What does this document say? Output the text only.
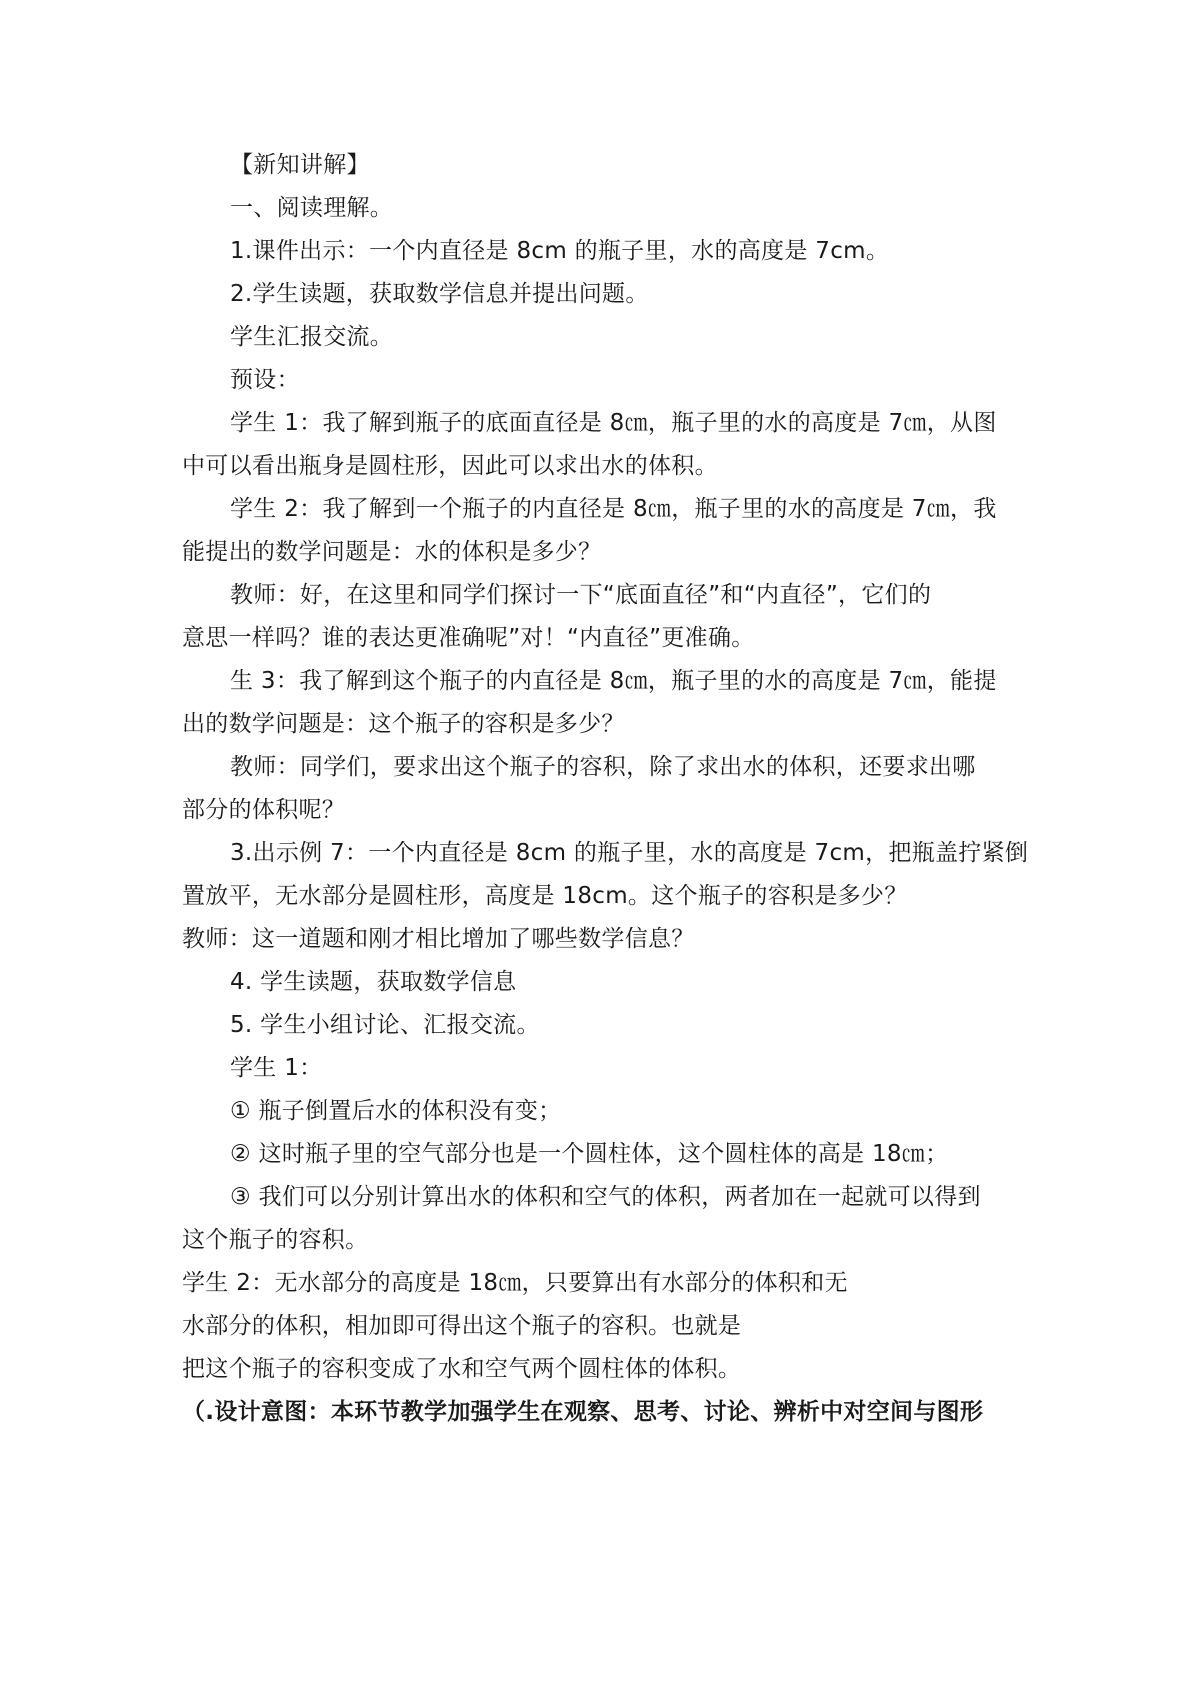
【新知讲解】
一、阅读理解。
1.课件出示：一个内直径是 8cm 的瓶子里，水的高度是 7cm。
2.学生读题，获取数学信息并提出问题。
学生汇报交流。
预设：
学生 1：我了解到瓶子的底面直径是 8㎝，瓶子里的水的高度是 7㎝，从图
中可以看出瓶身是圆柱形，因此可以求出水的体积。
学生 2：我了解到一个瓶子的内直径是 8㎝，瓶子里的水的高度是 7㎝，我
能提出的数学问题是：水的体积是多少？
教师：好，在这里和同学们探讨一下“底面直径”和“内直径”，它们的
意思一样吗？谁的表达更准确呢”对！“内直径”更准确。
生 3：我了解到这个瓶子的内直径是 8㎝，瓶子里的水的高度是 7㎝，能提
出的数学问题是：这个瓶子的容积是多少？
教师：同学们，要求出这个瓶子的容积，除了求出水的体积，还要求出哪
部分的体积呢？
3.出示例 7：一个内直径是 8cm 的瓶子里，水的高度是 7cm，把瓶盖拧紧倒
置放平，无水部分是圆柱形，高度是 18cm。这个瓶子的容积是多少？
教师：这一道题和刚才相比增加了哪些数学信息？
4. 学生读题，获取数学信息
5. 学生小组讨论、汇报交流。
学生 1：
① 瓶子倒置后水的体积没有变；
② 这时瓶子里的空气部分也是一个圆柱体，这个圆柱体的高是 18㎝；
③ 我们可以分别计算出水的体积和空气的体积，两者加在一起就可以得到
这个瓶子的容积。
学生 2：无水部分的高度是 18㎝，只要算出有水部分的体积和无
水部分的体积，相加即可得出这个瓶子的容积。也就是
把这个瓶子的容积变成了水和空气两个圆柱体的体积。
（.设计意图：本环节教学加强学生在观察、思考、讨论、辨析中对空间与图形
